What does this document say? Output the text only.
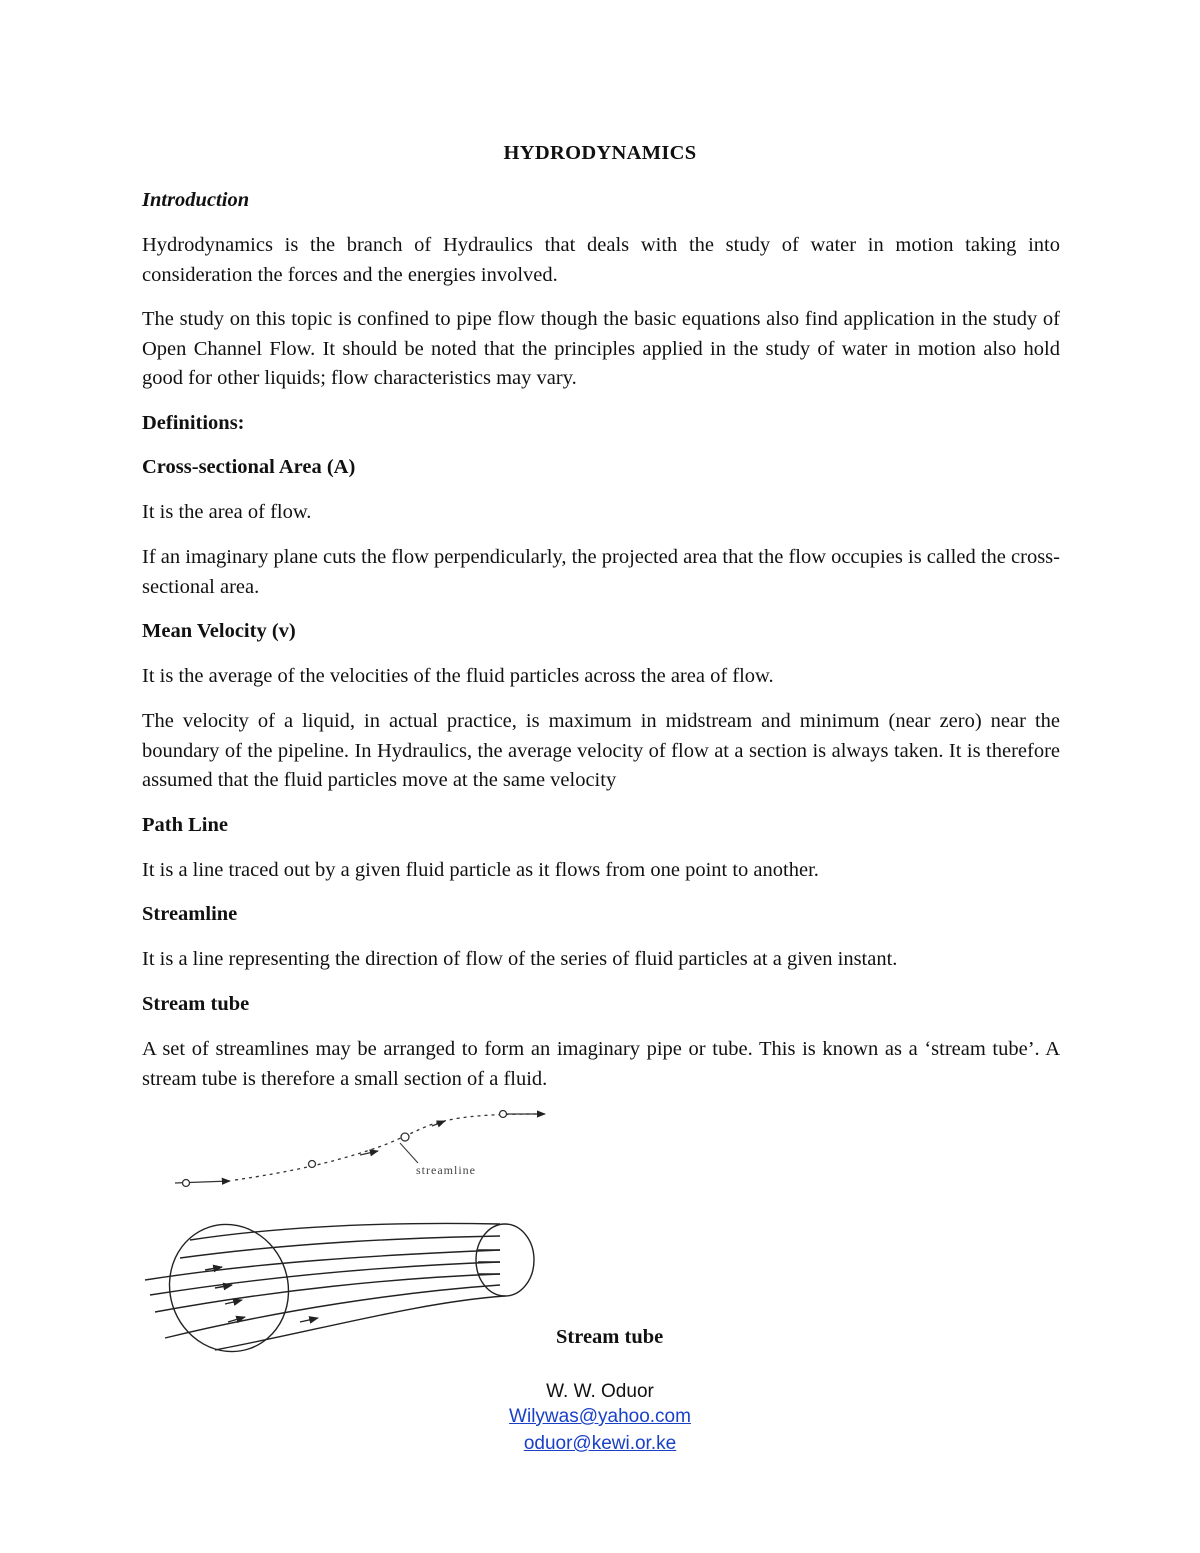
HYDRODYNAMICS

Introduction

Hydrodynamics is the branch of Hydraulics that deals with the study of water in motion taking into consideration the forces and the energies involved.

The study on this topic is confined to pipe flow though the basic equations also find application in the study of Open Channel Flow. It should be noted that the principles applied in the study of water in motion also hold good for other liquids; flow characteristics may vary.

Definitions:

Cross-sectional Area (A)

It is the area of flow.

If an imaginary plane cuts the flow perpendicularly, the projected area that the flow occupies is called the cross-sectional area.

Mean Velocity (v)

It is the average of the velocities of the fluid particles across the area of flow.

The velocity of a liquid, in actual practice, is maximum in midstream and minimum (near zero) near the boundary of the pipeline. In Hydraulics, the average velocity of flow at a section is always taken. It is therefore assumed that the fluid particles move at the same velocity

Path Line

It is a line traced out by a given fluid particle as it flows from one point to another.

Streamline

It is a line representing the direction of flow of the series of fluid particles at a given instant.

Stream tube

A set of streamlines may be arranged to form an imaginary pipe or tube. This is known as a ‘stream tube’. A stream tube is therefore a small section of a fluid.

streamline

Stream tube

W. W. Oduor

Wilywas@yahoo.com

oduor@kewi.or.ke
